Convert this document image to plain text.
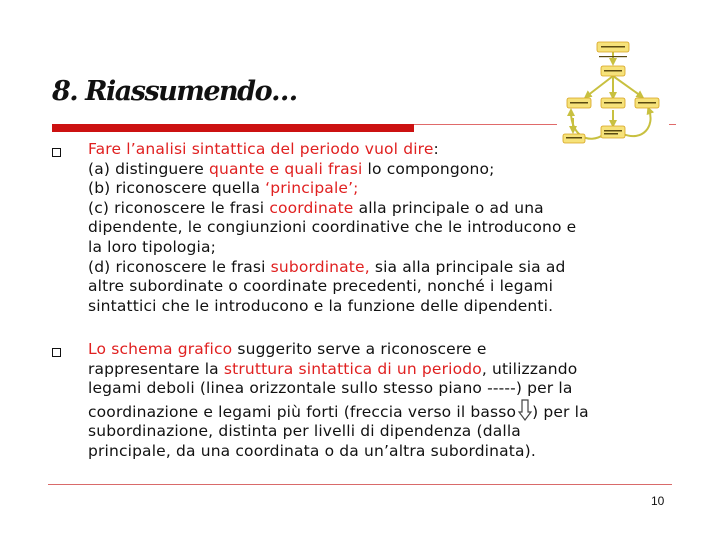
8. Riassumendo…
Fare l’analisi sintattica del periodo vuol dire:
(a) distinguere quante e quali frasi lo compongono;
(b) riconoscere quella ‘principale’;
(c) riconoscere le frasi coordinate alla principale o ad una
dipendente, le congiunzioni coordinative che le introducono e
la loro tipologia;
(d) riconoscere le frasi subordinate, sia alla principale sia ad
altre subordinate o coordinate precedenti, nonché i legami
sintattici che le introducono e la funzione delle dipendenti.
Lo schema grafico suggerito serve a riconoscere e
rappresentare la struttura sintattica di un periodo, utilizzando
legami deboli (linea orizzontale sullo stesso piano -----) per la
coordinazione e legami più forti (freccia verso il basso ) per la
subordinazione, distinta per livelli di dipendenza (dalla
principale, da una coordinata o da un’altra subordinata).
10
